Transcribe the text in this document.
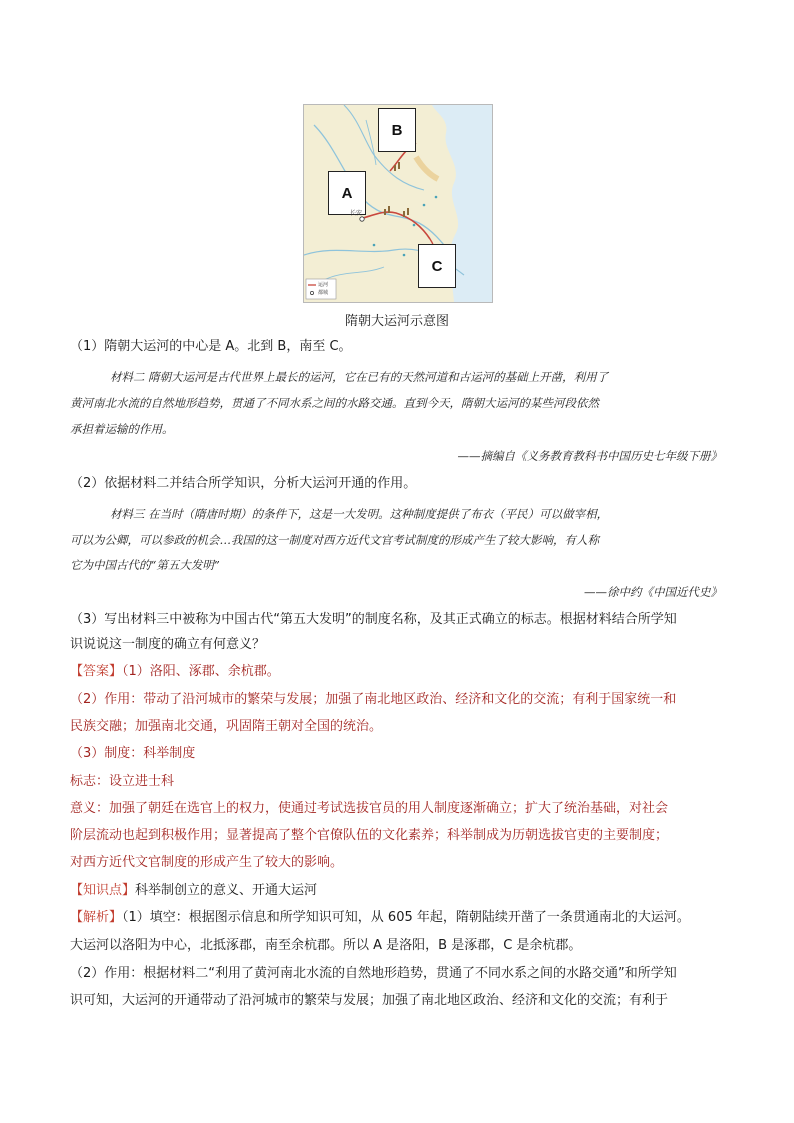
B
A
C
长安
运河
都城
隋朝大运河示意图
（1）隋朝大运河的中心是 A。北到 B，南至 C。
材料二 隋朝大运河是古代世界上最长的运河，它在已有的天然河道和古运河的基础上开凿，利用了
黄河南北水流的自然地形趋势，贯通了不同水系之间的水路交通。直到今天，隋朝大运河的某些河段依然
承担着运输的作用。
——摘编自《义务教育教科书中国历史七年级下册》
（2）依据材料二并结合所学知识，分析大运河开通的作用。
材料三 在当时（隋唐时期）的条件下，这是一大发明。这种制度提供了布衣（平民）可以做宰相，
可以为公卿，可以参政的机会…我国的这一制度对西方近代文官考试制度的形成产生了较大影响，有人称
它为中国古代的“第五大发明”
——徐中约《中国近代史》
（3）写出材料三中被称为中国古代“第五大发明”的制度名称，及其正式确立的标志。根据材料结合所学知
识说说这一制度的确立有何意义？
【答案】（1）洛阳、涿郡、余杭郡。
（2）作用：带动了沿河城市的繁荣与发展；加强了南北地区政治、经济和文化的交流；有利于国家统一和
民族交融；加强南北交通，巩固隋王朝对全国的统治。
（3）制度：科举制度
标志：设立进士科
意义：加强了朝廷在选官上的权力，使通过考试选拔官员的用人制度逐渐确立；扩大了统治基础，对社会
阶层流动也起到积极作用；显著提高了整个官僚队伍的文化素养；科举制成为历朝选拔官吏的主要制度；
对西方近代文官制度的形成产生了较大的影响。
【知识点】科举制创立的意义、开通大运河
【解析】（1）填空：根据图示信息和所学知识可知，从 605 年起，隋朝陆续开凿了一条贯通南北的大运河。
大运河以洛阳为中心，北抵涿郡，南至余杭郡。所以 A 是洛阳，B 是涿郡，C 是余杭郡。
（2）作用：根据材料二“利用了黄河南北水流的自然地形趋势，贯通了不同水系之间的水路交通”和所学知
识可知，大运河的开通带动了沿河城市的繁荣与发展；加强了南北地区政治、经济和文化的交流；有利于
